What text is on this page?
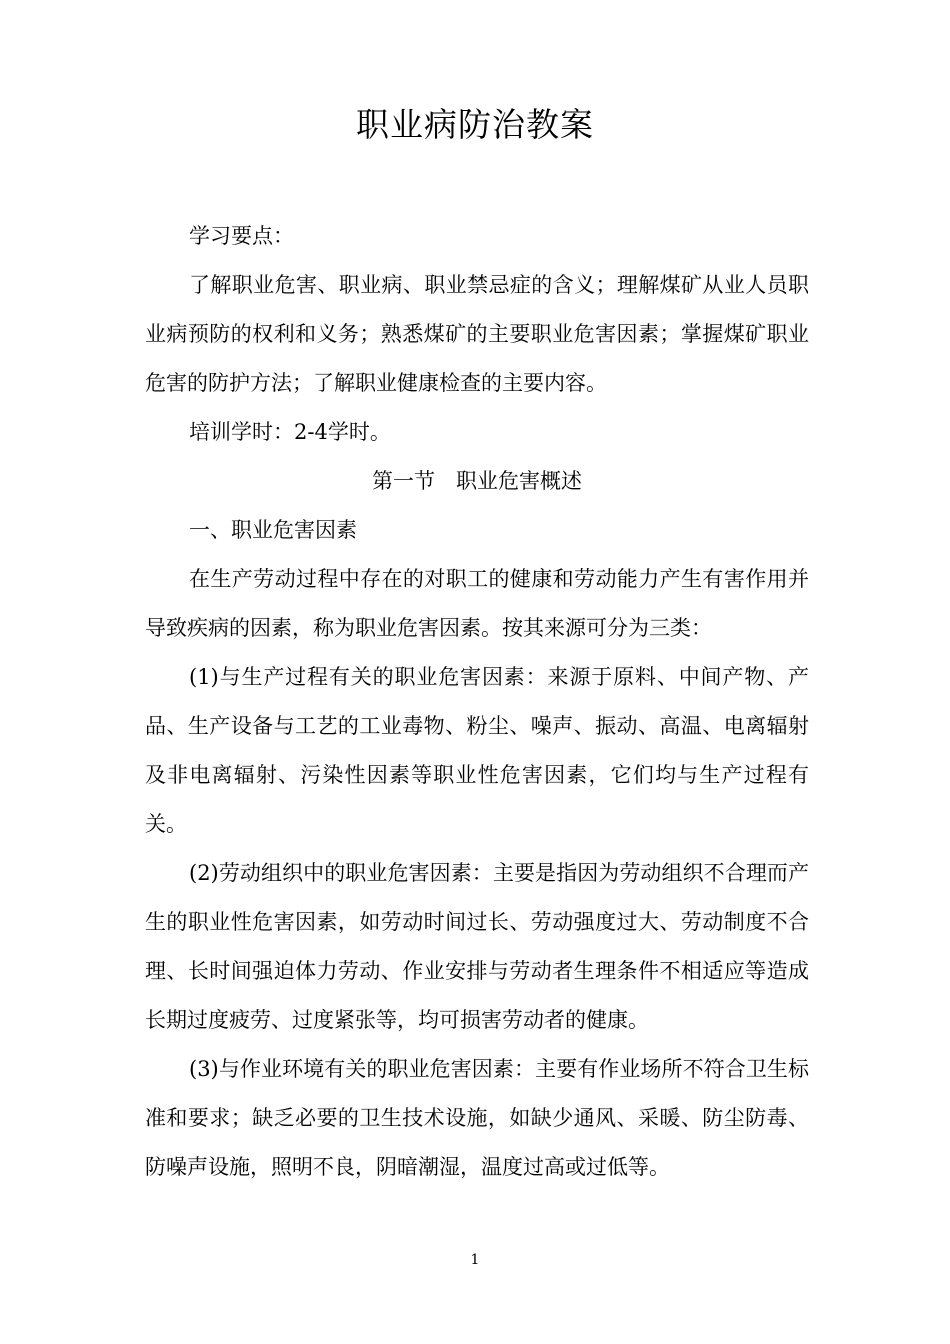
职业病防治教案

学习要点：

了解职业危害、职业病、职业禁忌症的含义；理解煤矿从业人员职业病预防的权利和义务；熟悉煤矿的主要职业危害因素；掌握煤矿职业危害的防护方法；了解职业健康检查的主要内容。

培训学时：2-4学时。

第一节　职业危害概述

一、职业危害因素

在生产劳动过程中存在的对职工的健康和劳动能力产生有害作用并导致疾病的因素，称为职业危害因素。按其来源可分为三类：

(1)与生产过程有关的职业危害因素：来源于原料、中间产物、产品、生产设备与工艺的工业毒物、粉尘、噪声、振动、高温、电离辐射及非电离辐射、污染性因素等职业性危害因素，它们均与生产过程有关。

(2)劳动组织中的职业危害因素：主要是指因为劳动组织不合理而产生的职业性危害因素，如劳动时间过长、劳动强度过大、劳动制度不合理、长时间强迫体力劳动、作业安排与劳动者生理条件不相适应等造成长期过度疲劳、过度紧张等，均可损害劳动者的健康。

(3)与作业环境有关的职业危害因素：主要有作业场所不符合卫生标准和要求；缺乏必要的卫生技术设施，如缺少通风、采暖、防尘防毒、防噪声设施，照明不良，阴暗潮湿，温度过高或过低等。

1
